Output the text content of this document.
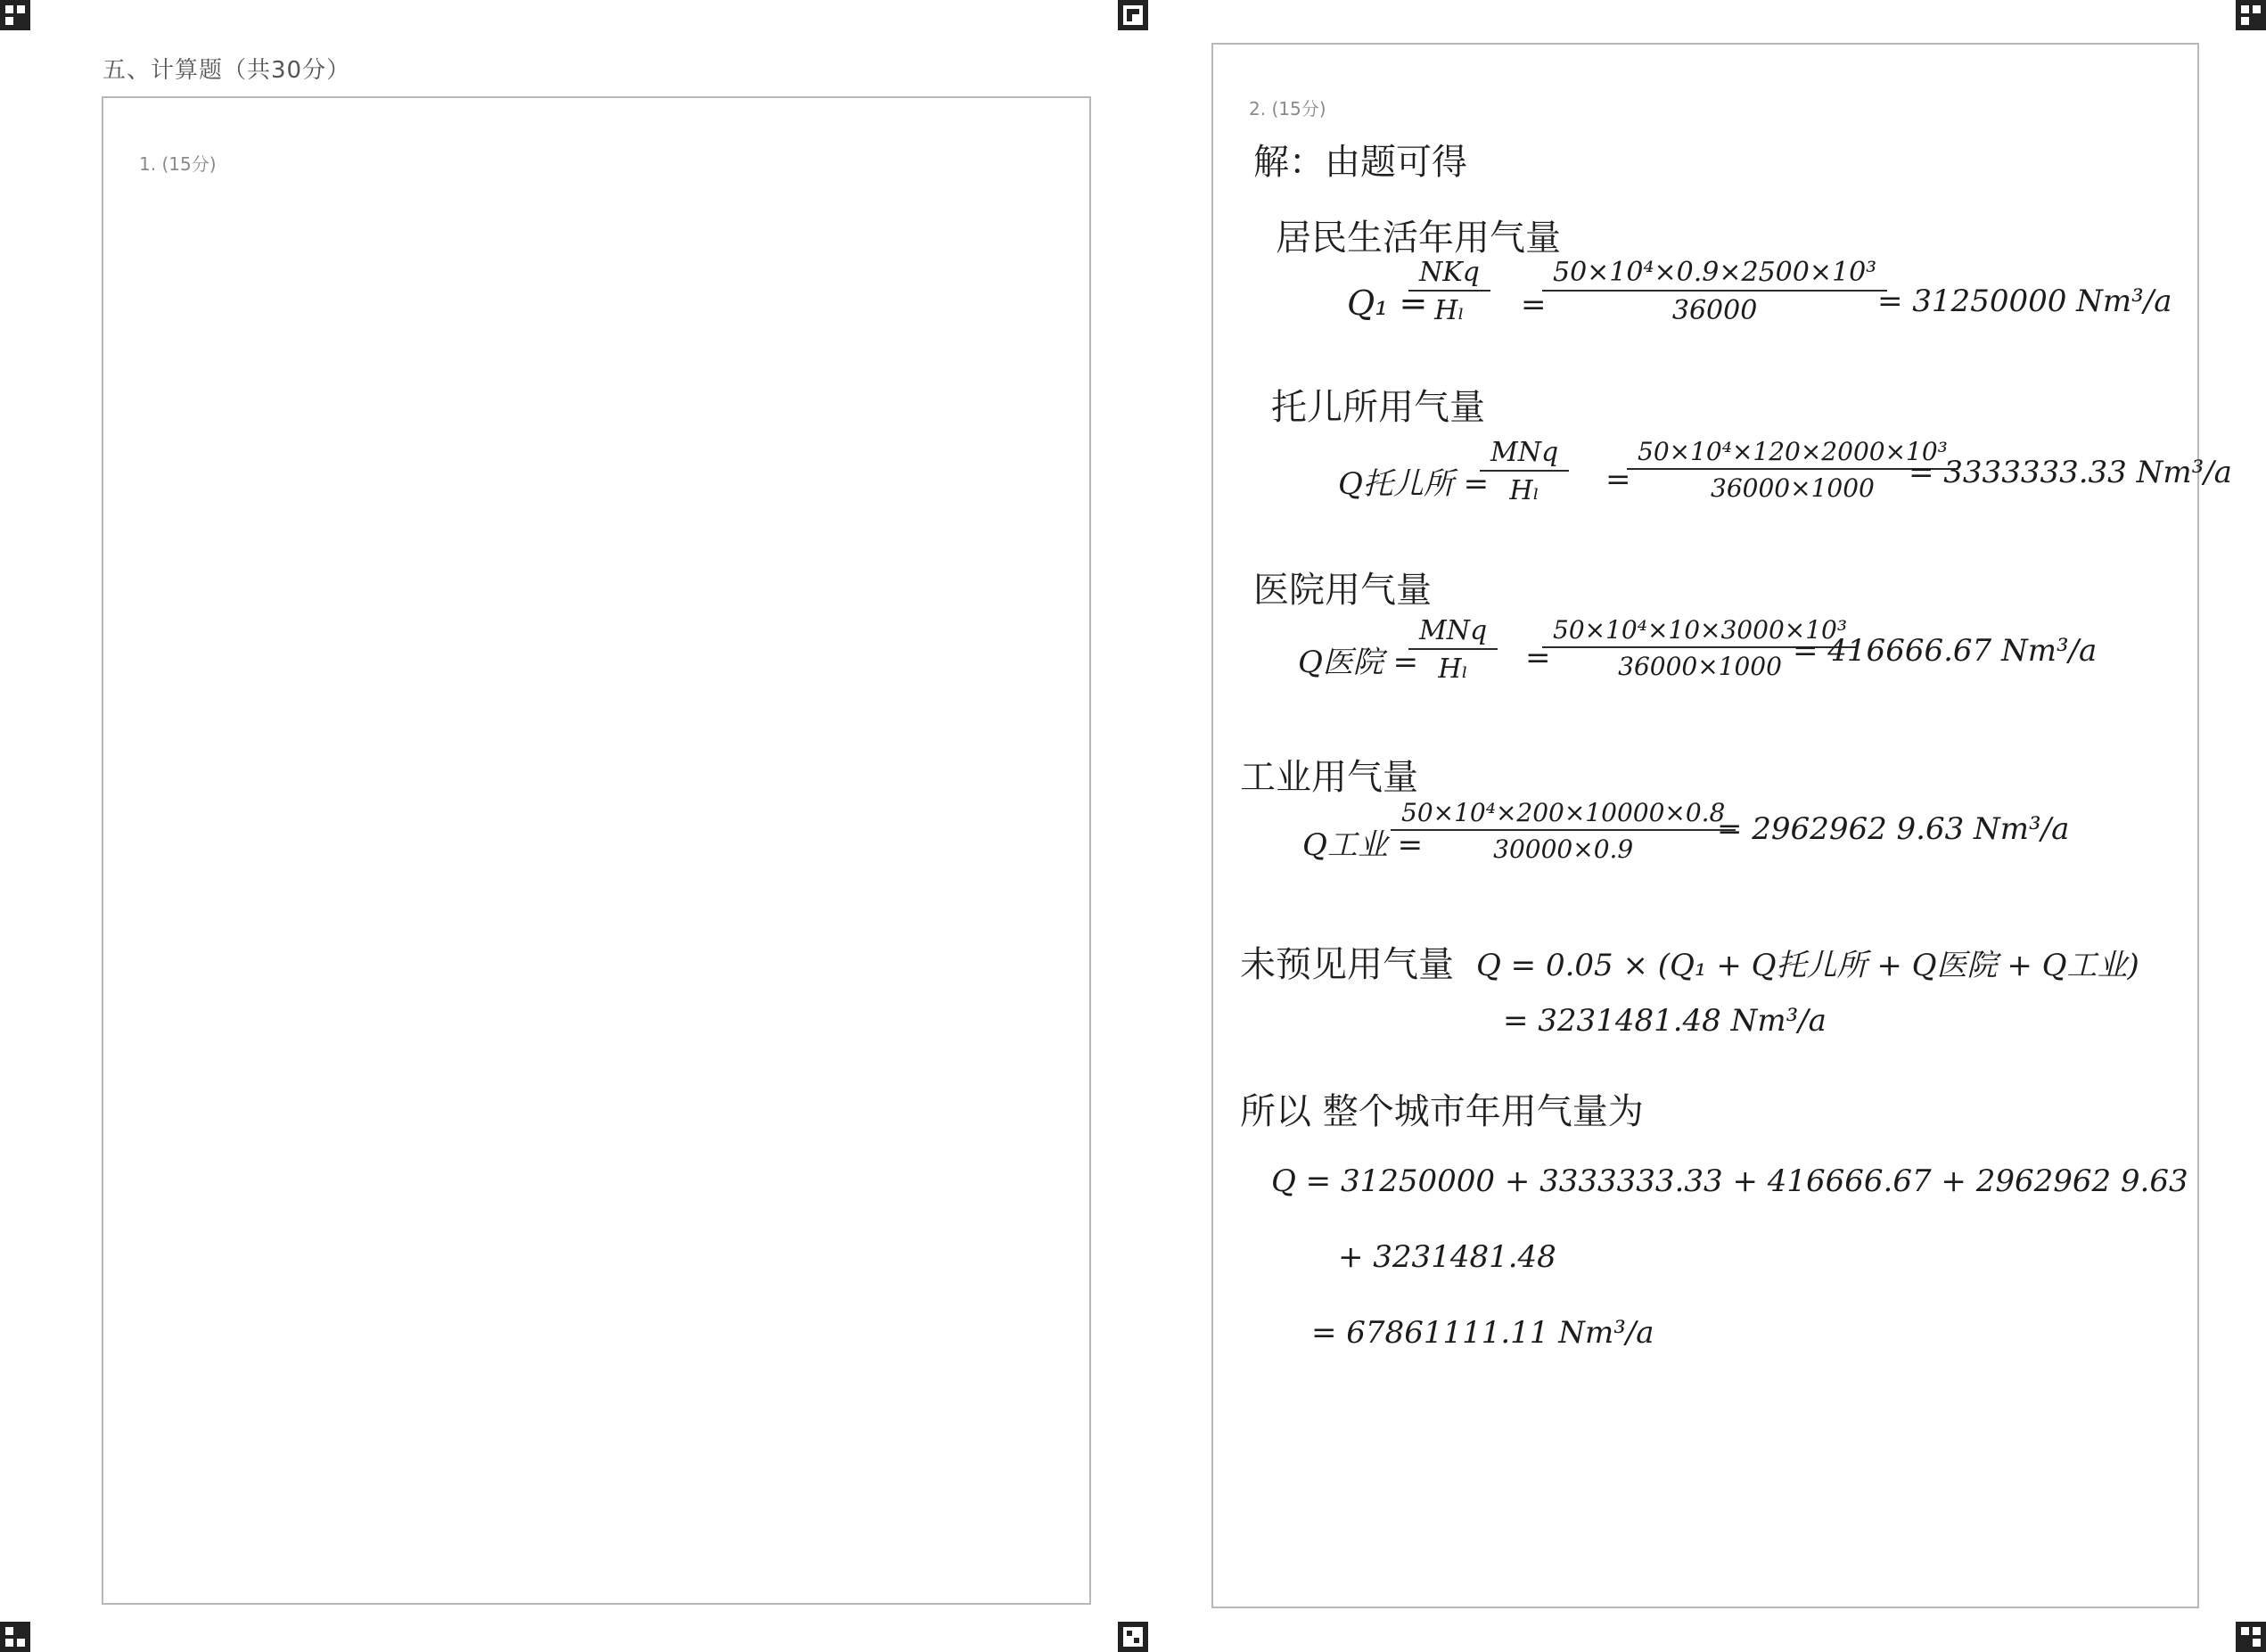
五、计算题（共30分）
1. (15分)
2. (15分)
解：由题可得
居民生活年用气量
Q₁ =
NKq
Hₗ	= $\frac{\text{50×10⁴×0.9×2500×10³}}{36000}$
= 31250000 Nm³/a
托儿所用气量
Q托儿所 =
MNq
Hₗ	= $\frac{\text{50×10⁴×120×2000×10³}}{36000\times 1000}$
= 3333333.33 Nm³/a
医院用气量
Q医院 =
MNq
Hₗ	=
$\frac{\text{50×10⁴×10×3000×10³}}{36000\times 1000}$
= 416666.67 Nm³/a
工业用气量
Q工业 =
$\frac{\text{50×10⁴×200×10000×0.8}}{30000\times 0.9}$
= 2962962 9.63 Nm³/a
未预见用气量 Q = 0.05 × (Q₁ + Q托儿所 + Q医院 + Q工业)
= 3231481.48 Nm³/a
所以 整个城市年用气量为
Q = 31250000 + 3333333.33 + 416666.67 + 2962962 9.63
+ 3231481.48
= 67861111.11 Nm³/a
